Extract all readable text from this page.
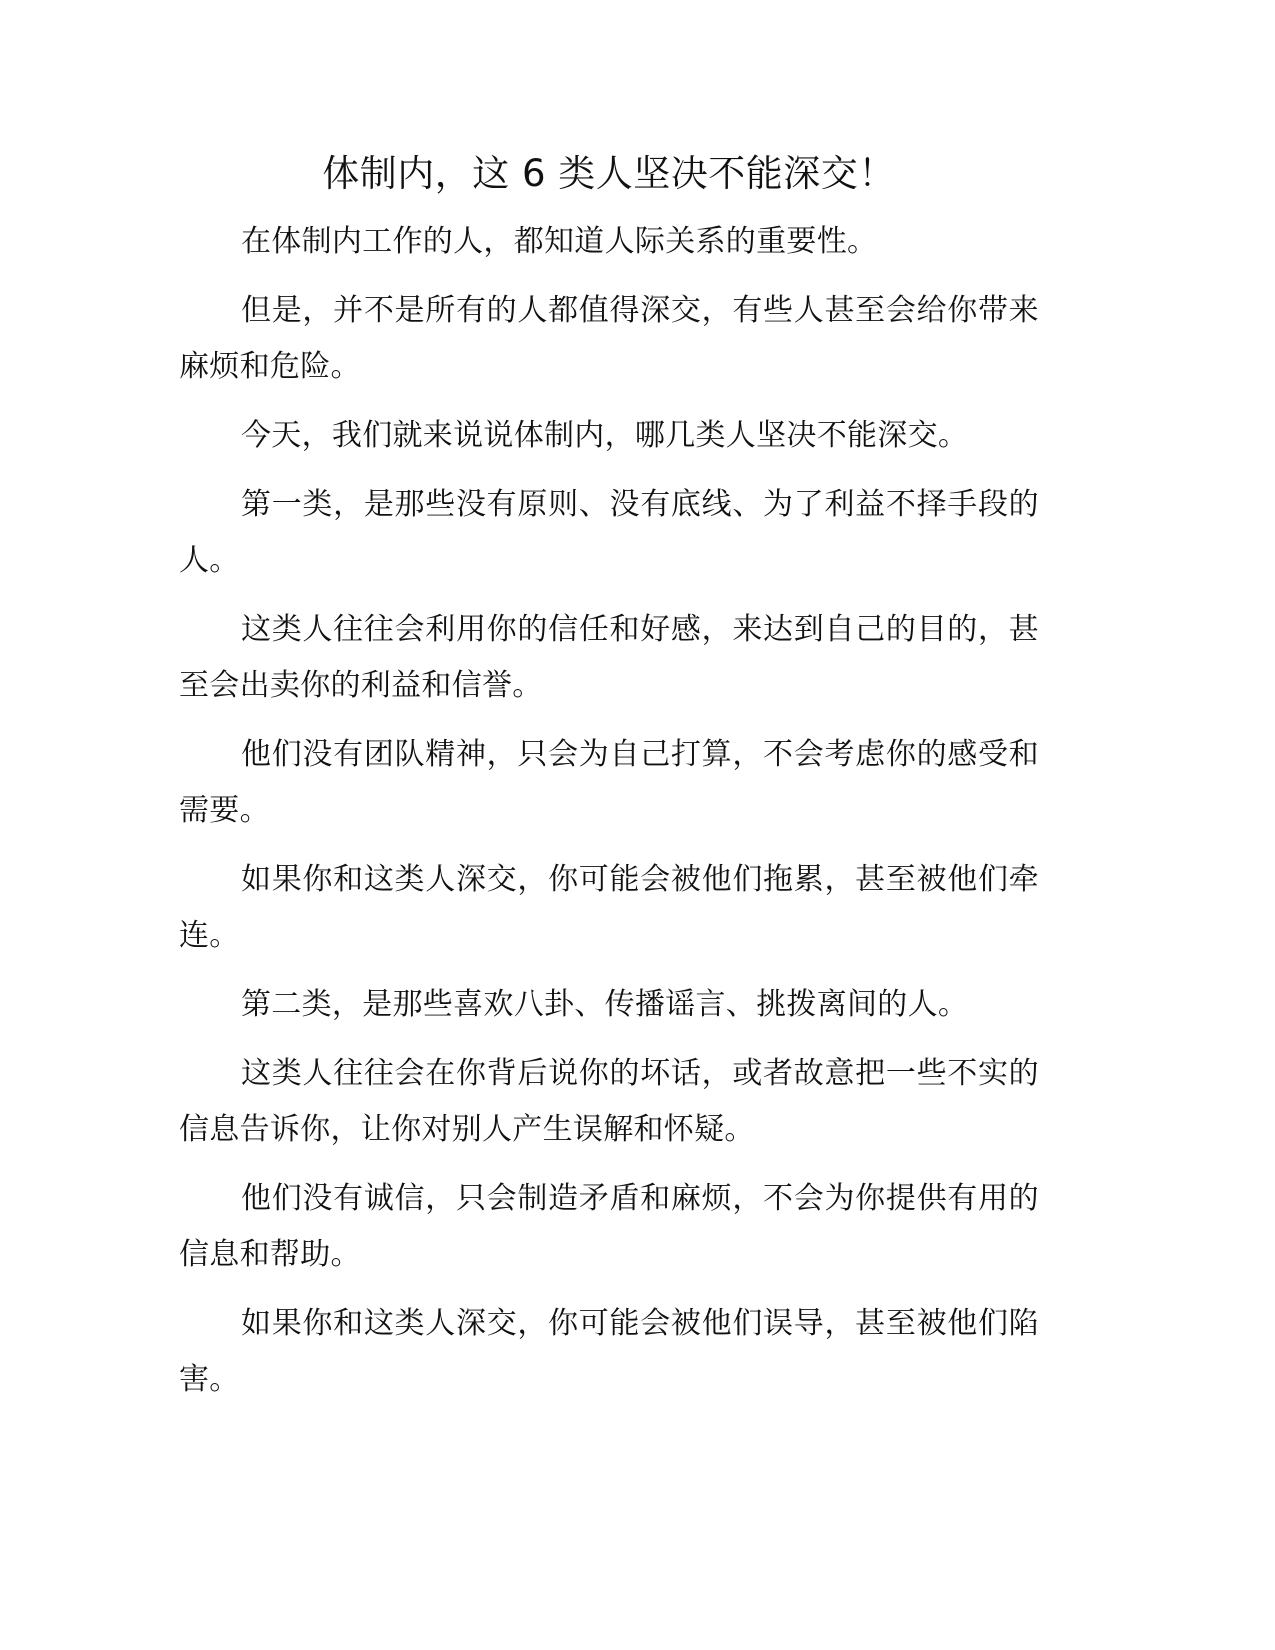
体制内，这 6 类人坚决不能深交！

在体制内工作的人，都知道人际关系的重要性。

但是，并不是所有的人都值得深交，有些人甚至会给你带来麻烦和危险。

今天，我们就来说说体制内，哪几类人坚决不能深交。

第一类，是那些没有原则、没有底线、为了利益不择手段的人。

这类人往往会利用你的信任和好感，来达到自己的目的，甚至会出卖你的利益和信誉。

他们没有团队精神，只会为自己打算，不会考虑你的感受和需要。

如果你和这类人深交，你可能会被他们拖累，甚至被他们牵连。

第二类，是那些喜欢八卦、传播谣言、挑拨离间的人。

这类人往往会在你背后说你的坏话，或者故意把一些不实的信息告诉你，让你对别人产生误解和怀疑。

他们没有诚信，只会制造矛盾和麻烦，不会为你提供有用的信息和帮助。

如果你和这类人深交，你可能会被他们误导，甚至被他们陷害。
